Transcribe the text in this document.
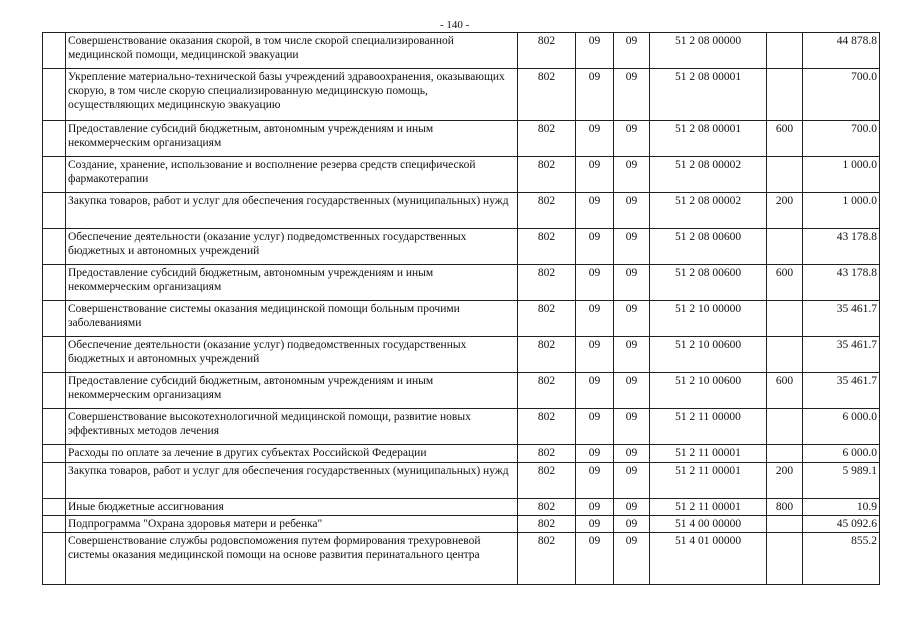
- 140 -
	Совершенствование оказания скорой, в том числе скорой специализированной медицинской помощи, медицинской эвакуации	802	09	09	51 2 08 00000		44 878.8
	Укрепление материально-технической базы учреждений здравоохранения, оказывающих скорую, в том числе скорую специализированную медицинскую помощь, осуществляющих медицинскую эвакуацию	802	09	09	51 2 08 00001		700.0
	Предоставление субсидий бюджетным, автономным учреждениям и иным некоммерческим организациям	802	09	09	51 2 08 00001	600	700.0
	Создание, хранение, использование и восполнение резерва средств специфической фармакотерапии	802	09	09	51 2 08 00002		1 000.0
	Закупка товаров, работ и услуг для обеспечения государственных (муниципальных) нужд	802	09	09	51 2 08 00002	200	1 000.0
	Обеспечение деятельности (оказание услуг) подведомственных государственных бюджетных и автономных учреждений	802	09	09	51 2 08 00600		43 178.8
	Предоставление субсидий бюджетным, автономным учреждениям и иным некоммерческим организациям	802	09	09	51 2 08 00600	600	43 178.8
	Совершенствование системы оказания медицинской помощи больным прочими заболеваниями	802	09	09	51 2 10 00000		35 461.7
	Обеспечение деятельности (оказание услуг) подведомственных государственных бюджетных и автономных учреждений	802	09	09	51 2 10 00600		35 461.7
	Предоставление субсидий бюджетным, автономным учреждениям и иным некоммерческим организациям	802	09	09	51 2 10 00600	600	35 461.7
	Совершенствование высокотехнологичной медицинской помощи, развитие новых эффективных методов лечения	802	09	09	51 2 11 00000		6 000.0
	Расходы по оплате за лечение в других субъектах Российской Федерации	802	09	09	51 2 11 00001		6 000.0
	Закупка товаров, работ и услуг для обеспечения государственных (муниципальных) нужд	802	09	09	51 2 11 00001	200	5 989.1
	Иные бюджетные ассигнования	802	09	09	51 2 11 00001	800	10.9
	Подпрограмма "Охрана здоровья матери и ребенка"	802	09	09	51 4 00 00000		45 092.6
	Совершенствование службы родовспоможения путем формирования трехуровневой системы оказания медицинской помощи на основе развития перинатального центра	802	09	09	51 4 01 00000		855.2
